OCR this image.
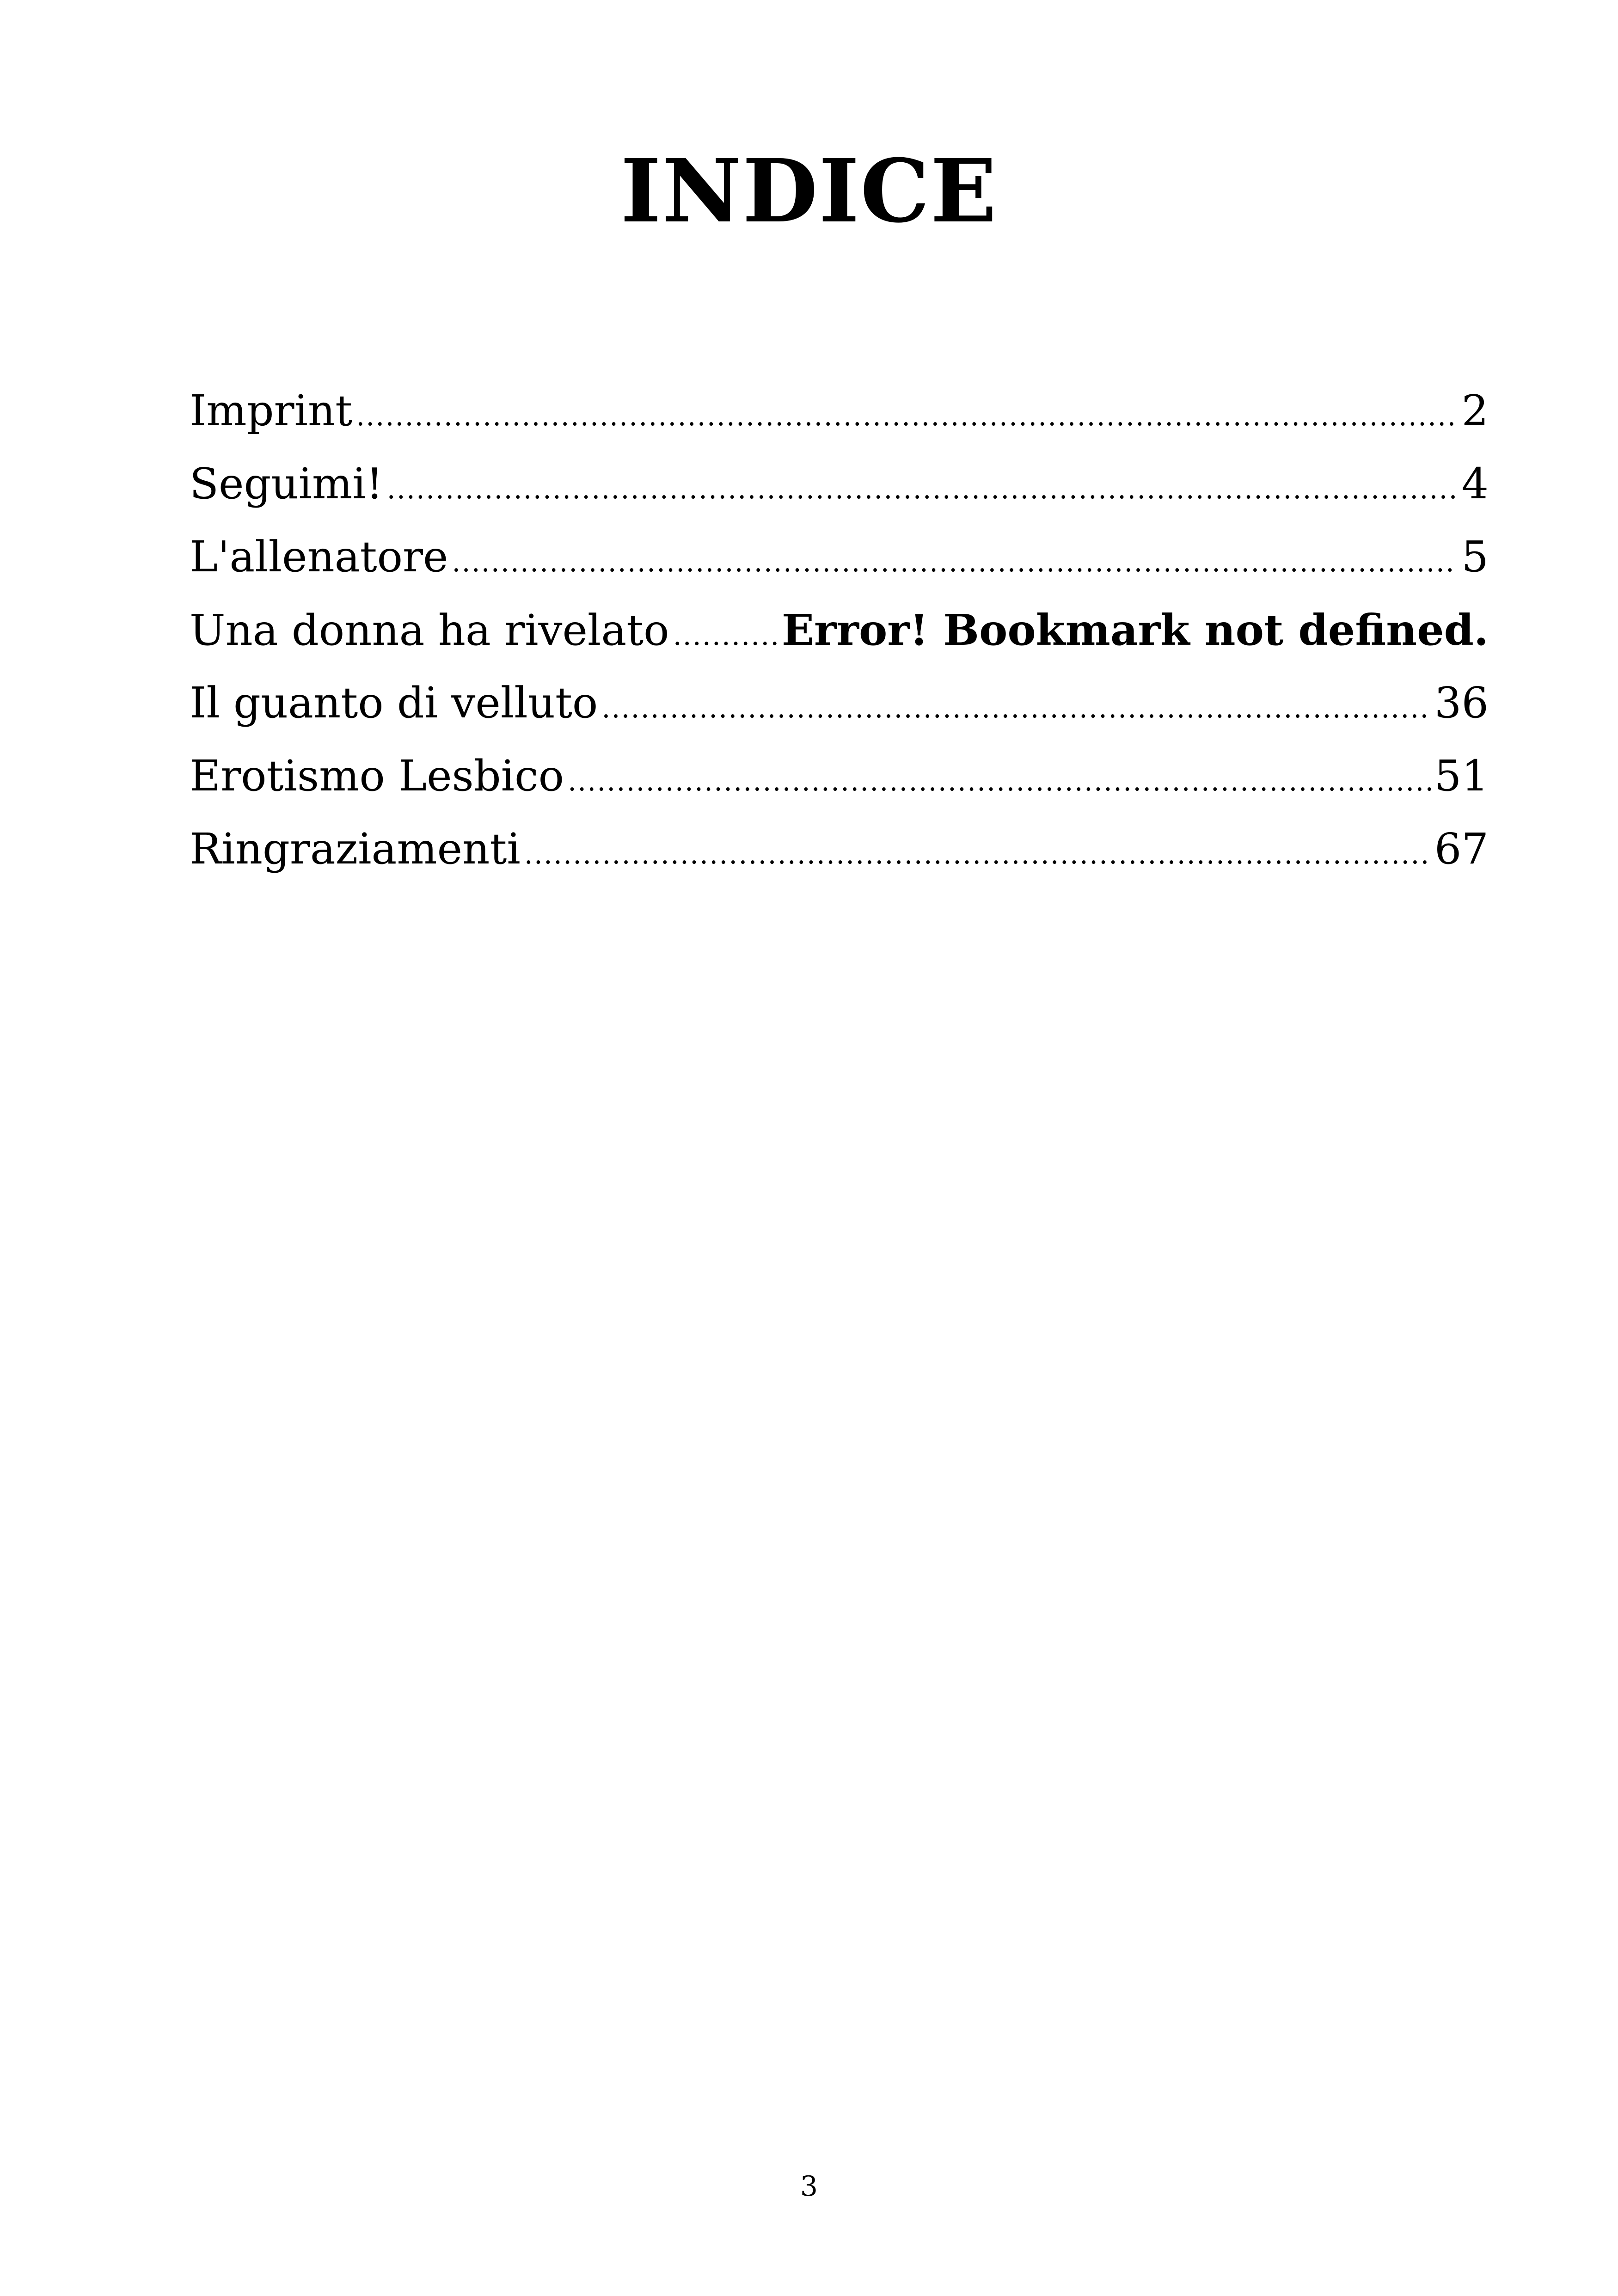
INDICE
Imprint .....	2
Seguimi! .....	4
L'allenatore .....	5
Una donna ha rivelato .....	Error! Bookmark not defined.
Il guanto di velluto .....	36
Erotismo Lesbico .....	51
Ringraziamenti .....	67
3
